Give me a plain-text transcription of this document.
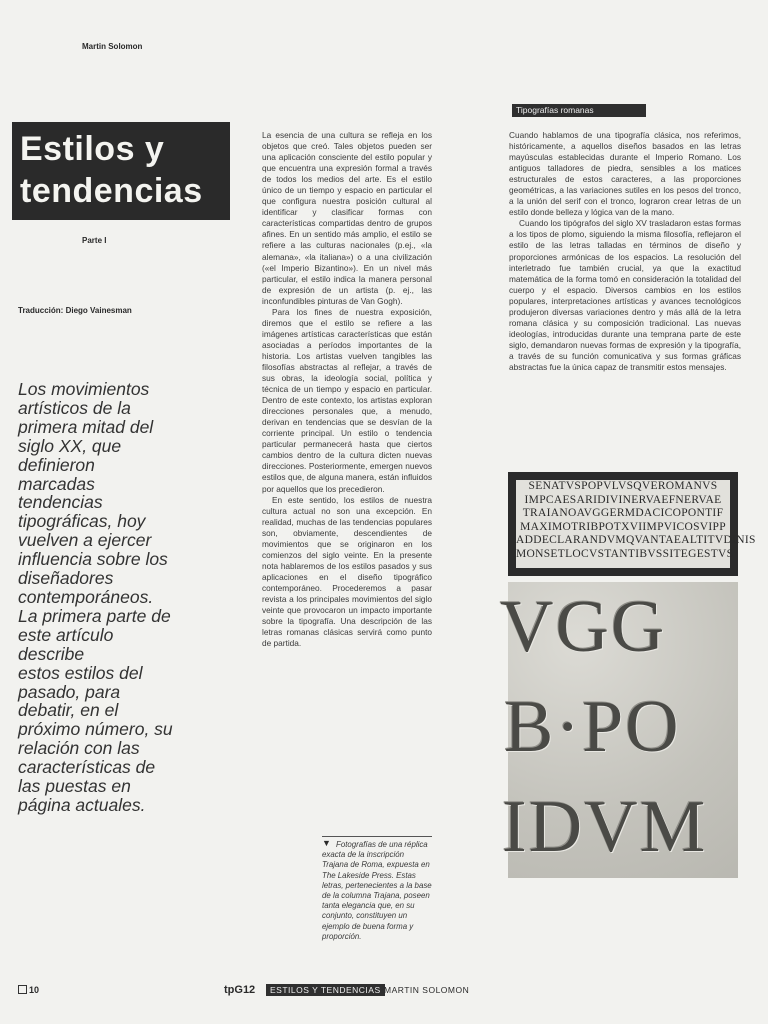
Martin Solomon
Estilos y
tendencias
Parte I
Traducción: Diego Vainesman
Los movimientos
artísticos de la
primera mitad del
siglo XX, que
definieron
marcadas
tendencias
tipográficas, hoy
vuelven a ejercer
influencia sobre los
diseñadores
contemporáneos.
La primera parte de
este artículo
describe
estos estilos del
pasado, para
debatir, en el
próximo número, su
relación con las
características de
las puestas en
página actuales.

La esencia de una cultura se refleja en los objetos que creó. Tales objetos pueden ser una aplicación consciente del estilo popular y que encuentra una expresión formal a través de todos los medios del arte. Es el estilo único de un tiempo y espacio en particular el que configura nuestra posición cultural al identificar y clasificar formas con características compartidas dentro de grupos afines. En un sentido más amplio, el estilo se refiere a las culturas nacionales (p.ej., «la alemana», «la italiana») o a una civilización («el Imperio Bizantino»). En un nivel más particular, el estilo indica la manera personal de expresión de un artista (p. ej., las inconfundibles pinturas de Van Gogh).

Para los fines de nuestra exposición, diremos que el estilo se refiere a las imágenes artísticas características que están asociadas a períodos importantes de la historia. Los artistas vuelven tangibles las filosofías abstractas al reflejar, a través de sus obras, la ideología social, política y técnica de un tiempo y espacio en particular. Dentro de este contexto, los artistas exploran direcciones personales que, a menudo, derivan en tendencias que se desvían de la corriente principal. Un estilo o tendencia particular permanecerá hasta que ciertos cambios dentro de la cultura dicten nuevas direcciones. Posteriormente, emergen nuevos estilos que, de alguna manera, están influidos por aquellos que los precedieron.

En este sentido, los estilos de nuestra cultura actual no son una excepción. En realidad, muchas de las tendencias populares son, obviamente, descendientes de movimientos que se originaron en los comienzos del siglo veinte. En la presente nota hablaremos de los estilos pasados y sus aplicaciones en el diseño tipográfico contemporáneo. Procederemos a pasar revista a los principales movimientos del siglo veinte que provocaron un impacto importante sobre la tipografía. Una descripción de las letras romanas clásicas servirá como punto de partida.

Tipografías romanas

Cuando hablamos de una tipografía clásica, nos referimos, históricamente, a aquellos diseños basados en las letras mayúsculas establecidas durante el Imperio Romano. Los antiguos talladores de piedra, sensibles a los matices estructurales de estos caracteres, a las proporciones geométricas, a las variaciones sutiles en los pesos del tronco, a la unión del serif con el tronco, lograron crear letras de un estilo donde belleza y lógica van de la mano.

Cuando los tipógrafos del siglo XV trasladaron estas formas a los tipos de plomo, siguiendo la misma filosofía, reflejaron el estilo de las letras talladas en términos de diseño y proporciones armónicas de los espacios. La resolución del interletrado fue también crucial, ya que la exactitud matemática de la forma tomó en consideración la totalidad del cuerpo y el espacio. Diversos cambios en los estilos populares, interpretaciones artísticas y avances tecnológicos produjeron diversas variaciones dentro y más allá de la letra romana clásica y su composición tradicional. Las nuevas ideologías, introducidas durante una temprana parte de este siglo, demandaron nuevas formas de expresión y la tipografía, a través de su función comunicativa y sus formas gráficas abstractas fue la única capaz de transmitir estos mensajes.

SENATVSPOPVLVSQVEROMANVS
IMPCAESARIDIVINERVAEFNERVAE
TRAIANOAVGGERMDACICOPONTIF
MAXIMOTRIBPOTXVIIMPVICOSVIPP
ADDECLARANDVMQVANTAEALTITVDINIS
MONSETLOCVSTANTIBVSSITEGESTVS
VGG
B·PO
IDVM
▼ Fotografías de una réplica exacta de la inscripción Trajana de Roma, expuesta en The Lakeside Press. Estas letras, pertenecientes a la base de la columna Trajana, poseen tanta elegancia que, en su conjunto, constituyen un ejemplo de buena forma y proporción.
10	tpG12	ESTILOS Y TENDENCIAS MARTIN SOLOMON
